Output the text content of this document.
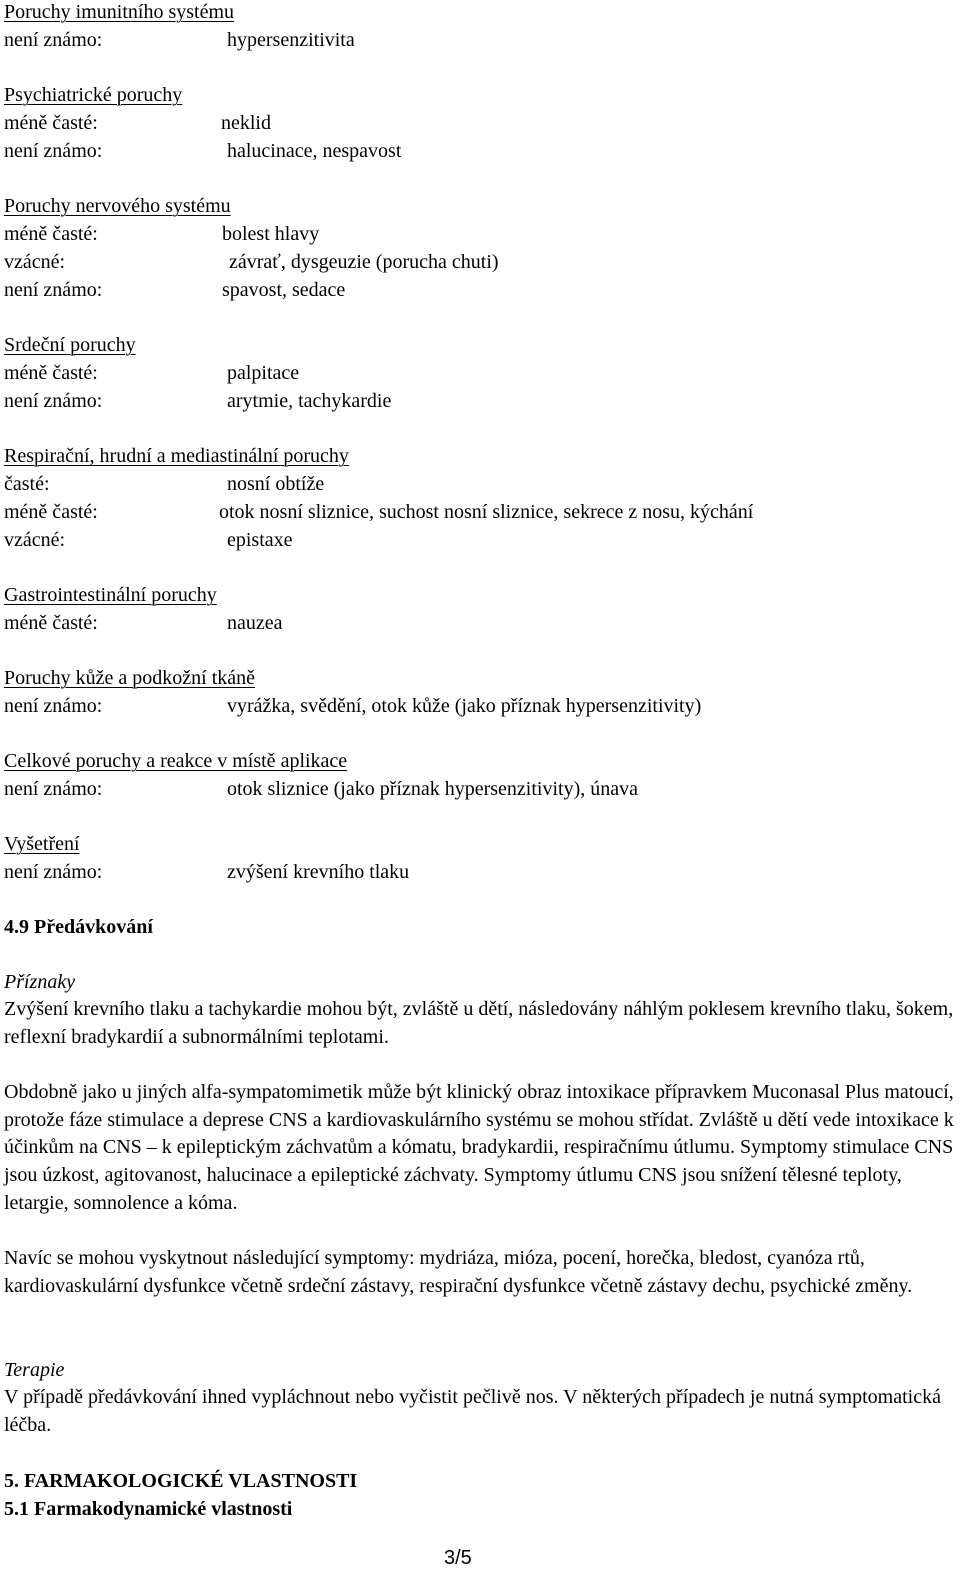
Poruchy imunitního systému
není známo:	hypersenzitivita
Psychiatrické poruchy
méně časté:	neklid
není známo:	halucinace, nespavost
Poruchy nervového systému
méně časté:	bolest hlavy
vzácné:	závrať, dysgeuzie (porucha chuti)
není známo:	spavost, sedace
Srdeční poruchy
méně časté:	palpitace
není známo:	arytmie, tachykardie
Respirační, hrudní a mediastinální poruchy
časté:	nosní obtíže
méně časté:	otok nosní sliznice, suchost nosní sliznice, sekrece z nosu, kýchání
vzácné:	epistaxe
Gastrointestinální poruchy
méně časté:	nauzea
Poruchy kůže a podkožní tkáně
není známo:	vyrážka, svědění, otok kůže (jako příznak hypersenzitivity)
Celkové poruchy a reakce v místě aplikace
není známo:	otok sliznice (jako příznak hypersenzitivity), únava
Vyšetření
není známo:	zvýšení krevního tlaku
4.9 Předávkování
Příznaky
Zvýšení krevního tlaku a tachykardie mohou být, zvláště u dětí, následovány náhlým poklesem krevního tlaku, šokem, reflexní bradykardií a subnormálními teplotami.
Obdobně jako u jiných alfa-sympatomimetik může být klinický obraz intoxikace přípravkem Muconasal Plus matoucí, protože fáze stimulace a deprese CNS a kardiovaskulárního systému se mohou střídat. Zvláště u dětí vede intoxikace k účinkům na CNS – k epileptickým záchvatům a kómatu, bradykardii, respiračnímu útlumu. Symptomy stimulace CNS jsou úzkost, agitovanost, halucinace a epileptické záchvaty. Symptomy útlumu CNS jsou snížení tělesné teploty, letargie, somnolence a kóma.
Navíc se mohou vyskytnout následující symptomy: mydriáza, mióza, pocení, horečka, bledost, cyanóza rtů, kardiovaskulární dysfunkce včetně srdeční zástavy, respirační dysfunkce včetně zástavy dechu, psychické změny.
Terapie
V případě předávkování ihned vypláchnout nebo vyčistit pečlivě nos. V některých případech je nutná symptomatická léčba.
5. FARMAKOLOGICKÉ VLASTNOSTI
5.1 Farmakodynamické vlastnosti
3/5
